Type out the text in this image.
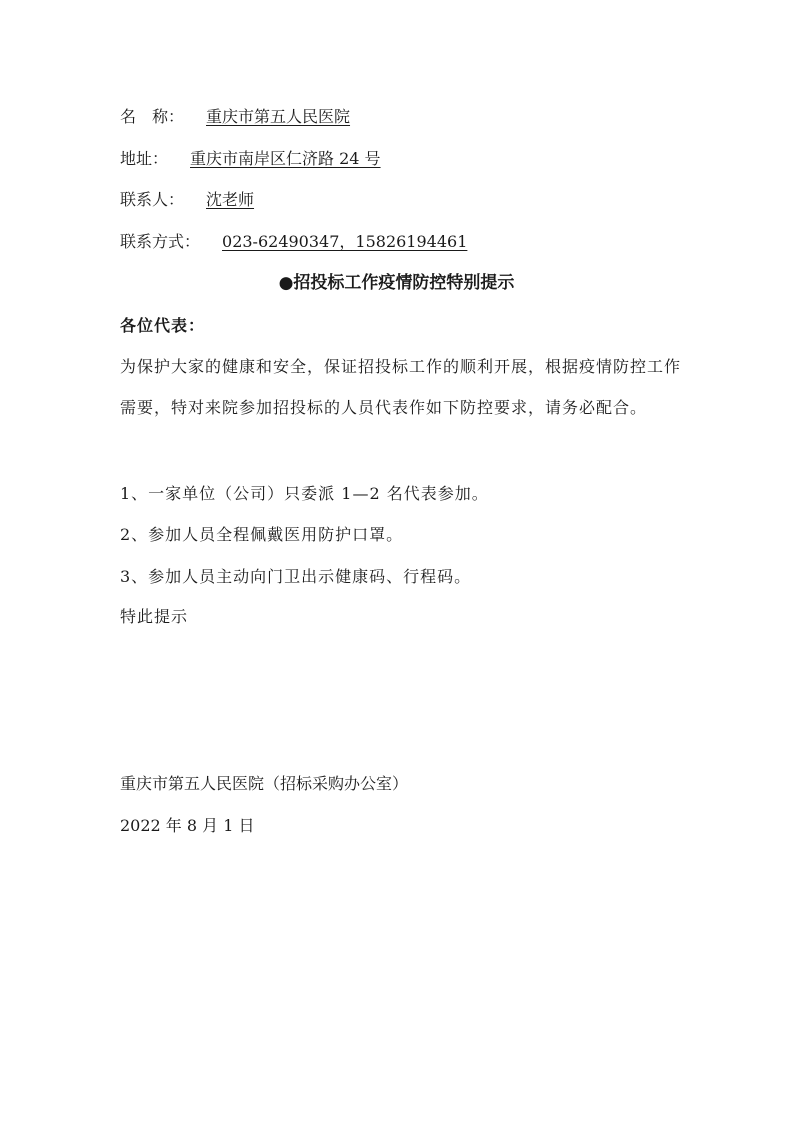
名　称： 重庆市第五人民医院
地址： 重庆市南岸区仁济路 24 号
联系人： 沈老师
联系方式： 023-62490347，15826194461
●招投标工作疫情防控特别提示
各位代表：
为保护大家的健康和安全，保证招投标工作的顺利开展，根据疫情防控工作需要，特对来院参加招投标的人员代表作如下防控要求，请务必配合。
1、一家单位（公司）只委派 1—2 名代表参加。
2、参加人员全程佩戴医用防护口罩。
3、参加人员主动向门卫出示健康码、行程码。
特此提示
重庆市第五人民医院（招标采购办公室）
2022 年 8 月 1 日
